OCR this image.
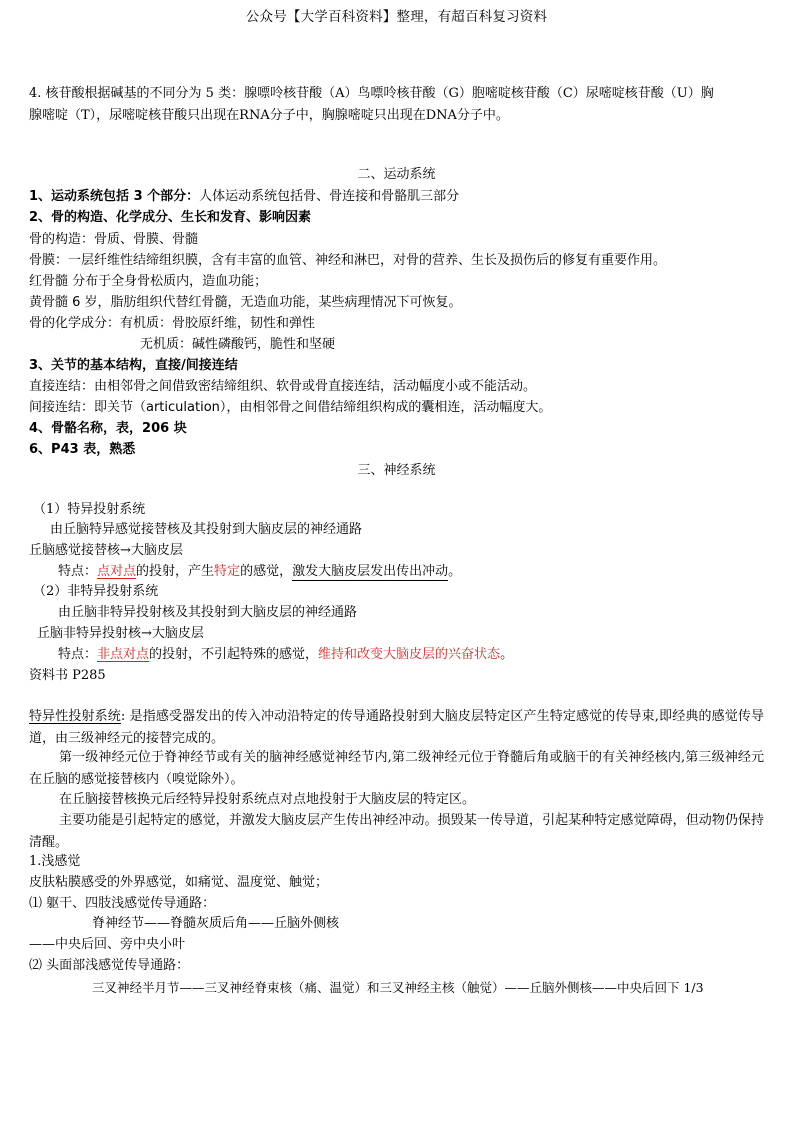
公众号【大学百科资料】整理，有超百科复习资料
4. 核苷酸根据碱基的不同分为 5 类：腺嘌呤核苷酸（A）鸟嘌呤核苷酸（G）胞嘧啶核苷酸（C）尿嘧啶核苷酸（U）胸
腺嘧啶（T），尿嘧啶核苷酸只出现在RNA分子中，胸腺嘧啶只出现在DNA分子中。
二、运动系统
1、运动系统包括 3 个部分：人体运动系统包括骨、骨连接和骨骼肌三部分
2、骨的构造、化学成分、生长和发育、影响因素
骨的构造：骨质、骨膜、骨髓
骨膜：一层纤维性结缔组织膜，含有丰富的血管、神经和淋巴，对骨的营养、生长及损伤后的修复有重要作用。
红骨髓 分布于全身骨松质内，造血功能；
黄骨髓 6 岁，脂肪组织代替红骨髓，无造血功能，某些病理情况下可恢复。
骨的化学成分：有机质：骨胶原纤维，韧性和弹性
无机质：碱性磷酸钙，脆性和坚硬
3、关节的基本结构，直接/间接连结
直接连结：由相邻骨之间借致密结缔组织、软骨或骨直接连结，活动幅度小或不能活动。
间接连结：即关节（articulation），由相邻骨之间借结缔组织构成的囊相连，活动幅度大。
4、骨骼名称，表，206 块
6、P43 表，熟悉
三、神经系统
（1）特异投射系统
由丘脑特异感觉接替核及其投射到大脑皮层的神经通路
丘脑感觉接替核→大脑皮层
特点：点对点的投射，产生特定的感觉，激发大脑皮层发出传出冲动。
（2）非特异投射系统
由丘脑非特异投射核及其投射到大脑皮层的神经通路
丘脑非特异投射核→大脑皮层
特点：非点对点的投射，不引起特殊的感觉，维持和改变大脑皮层的兴奋状态。
资料书 P285
特异性投射系统: 是指感受器发出的传入冲动沿特定的传导通路投射到大脑皮层特定区产生特定感觉的传导束,即经典的感觉传导道，由三级神经元的接替完成的。
第一级神经元位于脊神经节或有关的脑神经感觉神经节内,第二级神经元位于脊髓后角或脑干的有关神经核内,第三级神经元在丘脑的感觉接替核内（嗅觉除外）。
在丘脑接替核换元后经特异投射系统点对点地投射于大脑皮层的特定区。
主要功能是引起特定的感觉，并激发大脑皮层产生传出神经冲动。损毁某一传导道，引起某种特定感觉障碍，但动物仍保持清醒。
1.浅感觉
皮肤粘膜感受的外界感觉，如痛觉、温度觉、触觉；
⑴ 躯干、四肢浅感觉传导通路：
脊神经节——脊髓灰质后角——丘脑外侧核
——中央后回、旁中央小叶
⑵ 头面部浅感觉传导通路：
三叉神经半月节——三叉神经脊束核（痛、温觉）和三叉神经主核（触觉）——丘脑外侧核——中央后回下 1/3
